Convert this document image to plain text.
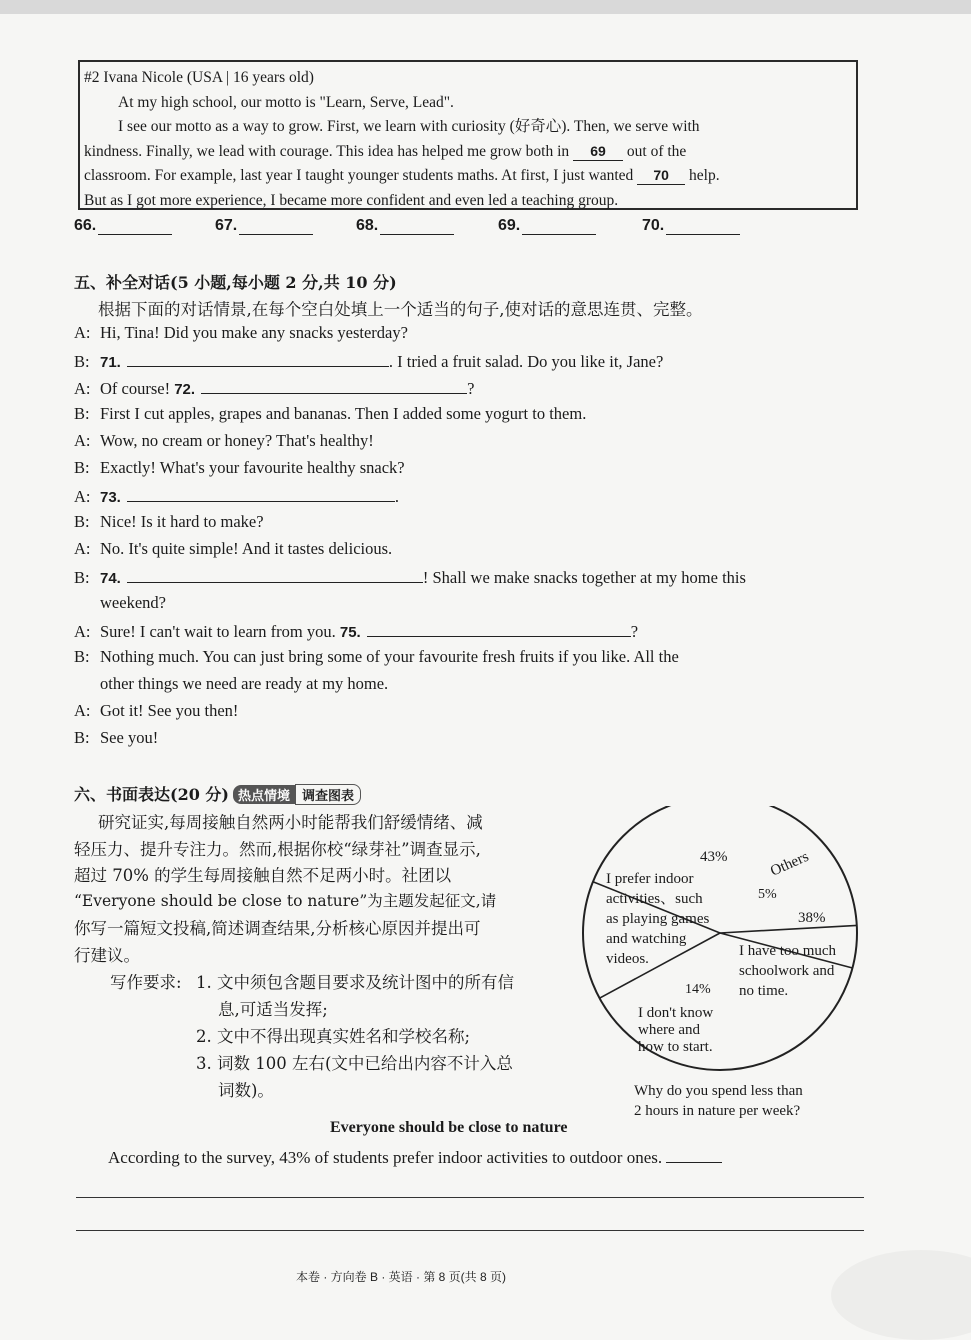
#2 Ivana Nicole (USA | 16 years old)

At my high school, our motto is "Learn, Serve, Lead".

I see our motto as a way to grow. First, we learn with curiosity (好奇心). Then, we serve with

kindness. Finally, we lead with courage. This idea has helped me grow both in 69 out of the

classroom. For example, last year I taught younger students maths. At first, I just wanted 70 help.

But as I got more experience, I became more confident and even led a teaching group.

66.	67.	68.	69.	70.
五、补全对话(5 小题,每小题 2 分,共 10 分)
根据下面的对话情景,在每个空白处填上一个适当的句子,使对话的意思连贯、完整。
A: Hi, Tina! Did you make any snacks yesterday?
B: 71.	. I tried a fruit salad. Do you like it, Jane?
A: Of course! 72.	?
B: First I cut apples, grapes and bananas. Then I added some yogurt to them.
A: Wow, no cream or honey? That's healthy!
B: Exactly! What's your favourite healthy snack?
A: 73.	.
B: Nice! Is it hard to make?
A: No. It's quite simple! And it tastes delicious.
B: 74.	! Shall we make snacks together at my home this
weekend?
A: Sure! I can't wait to learn from you. 75.	?
B: Nothing much. You can just bring some of your favourite fresh fruits if you like. All the
other things we need are ready at my home.
A: Got it! See you then!
B: See you!
六、书面表达(20 分) 热点情境 调查图表
研究证实,每周接触自然两小时能帮我们舒缓情绪、减
轻压力、提升专注力。然而,根据你校“绿芽社”调查显示,
超过 70% 的学生每周接触自然不足两小时。社团以
“Everyone should be close to nature”为主题发起征文,请
你写一篇短文投稿,简述调查结果,分析核心原因并提出可
行建议。
写作要求: 1. 文中须包含题目要求及统计图中的所有信
息,可适当发挥;
2. 文中不得出现真实姓名和学校名称;
3. 词数 100 左右(文中已给出内容不计入总
词数)。
43%
5%
38%
14%
I prefer indoor
activities、such
as playing games
and watching
videos.	I have too much
schoolwork and
no time.
I don't know
where and
how to start.
Others
Everyone should be close to nature
According to the survey, 43% of students prefer indoor activities to outdoor ones.
本卷 · 方向卷 B · 英语 · 第 8 页(共 8 页)
Why do you spend less than
2 hours in nature per week?
